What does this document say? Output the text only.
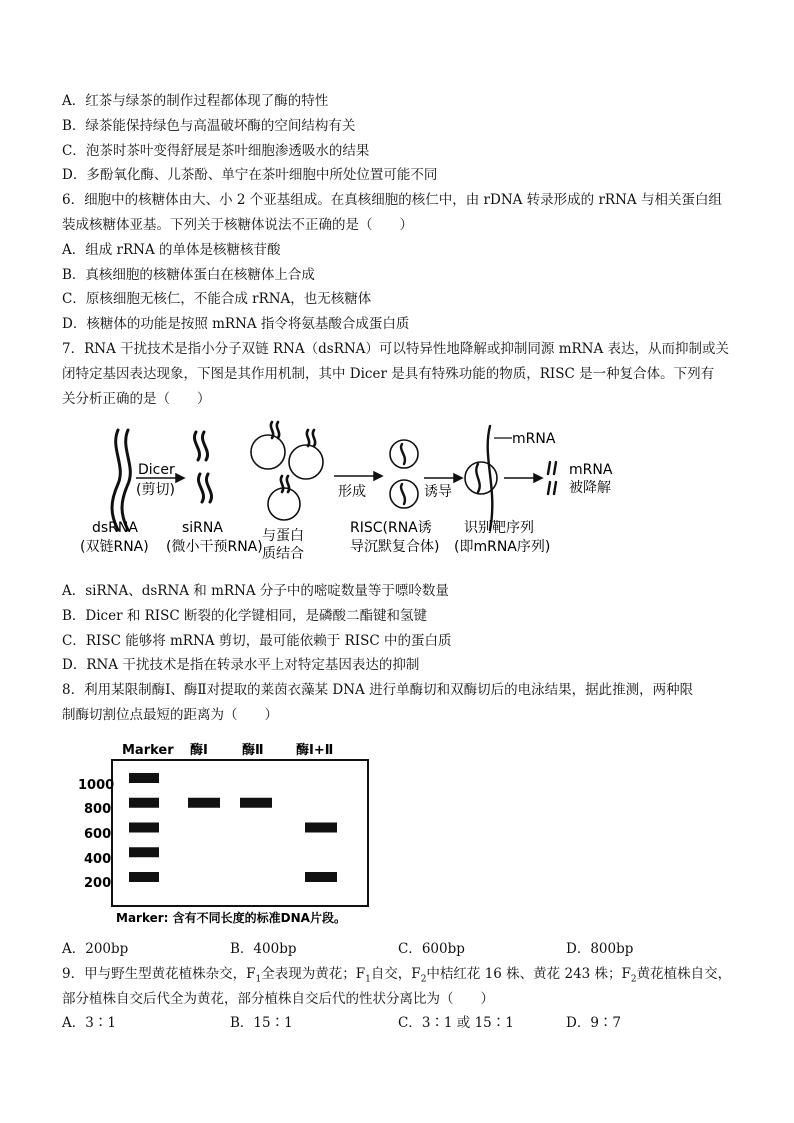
A．红茶与绿茶的制作过程都体现了酶的特性
B．绿茶能保持绿色与高温破坏酶的空间结构有关
C．泡茶时茶叶变得舒展是茶叶细胞渗透吸水的结果
D．多酚氧化酶、儿茶酚、单宁在茶叶细胞中所处位置可能不同
6．细胞中的核糖体由大、小 2 个亚基组成。在真核细胞的核仁中，由 rDNA 转录形成的 rRNA 与相关蛋白组
装成核糖体亚基。下列关于核糖体说法不正确的是（　　）
A．组成 rRNA 的单体是核糖核苷酸
B．真核细胞的核糖体蛋白在核糖体上合成
C．原核细胞无核仁，不能合成 rRNA，也无核糖体
D．核糖体的功能是按照 mRNA 指令将氨基酸合成蛋白质
7．RNA 干扰技术是指小分子双链 RNA（dsRNA）可以特异性地降解或抑制同源 mRNA 表达，从而抑制或关
闭特定基因表达现象，下图是其作用机制，其中 Dicer 是具有特殊功能的物质，RISC 是一种复合体。下列有
关分析正确的是（　　）
Dicer
(剪切)	形成	诱导
mRNA
mRNA
被降解
dsRNA
(双链RNA)
siRNA
(微小干预RNA)
与蛋白
质结合
RISC(RNA诱
导沉默复合体)
识别靶序列
(即mRNA序列)
A．siRNA、dsRNA 和 mRNA 分子中的嘧啶数量等于嘌呤数量
B．Dicer 和 RISC 断裂的化学键相同，是磷酸二酯键和氢键
C．RISC 能够将 mRNA 剪切，最可能依赖于 RISC 中的蛋白质
D．RNA 干扰技术是指在转录水平上对特定基因表达的抑制
8．利用某限制酶Ⅰ、酶Ⅱ对提取的莱茵衣藻某 DNA 进行单酶切和双酶切后的电泳结果，据此推测，两种限
制酶切割位点最短的距离为（　　）
Marker 酶Ⅰ	酶Ⅱ 酶Ⅰ+Ⅱ
1000
800
600
400
200
Marker: 含有不同长度的标准DNA片段。
A．200bp	B．400bp	C．600bp	D．800bp
9．甲与野生型黄花植株杂交，$F_1$全表现为黄花；$F_1$自交，$F_2$中桔红花 16 株、黄花 243 株；$F_2$黄花植株自交，
部分植株自交后代全为黄花，部分植株自交后代的性状分离比为（　　）
A．3∶1	B．15∶1	C．3∶1 或 15∶1	D．9∶7
